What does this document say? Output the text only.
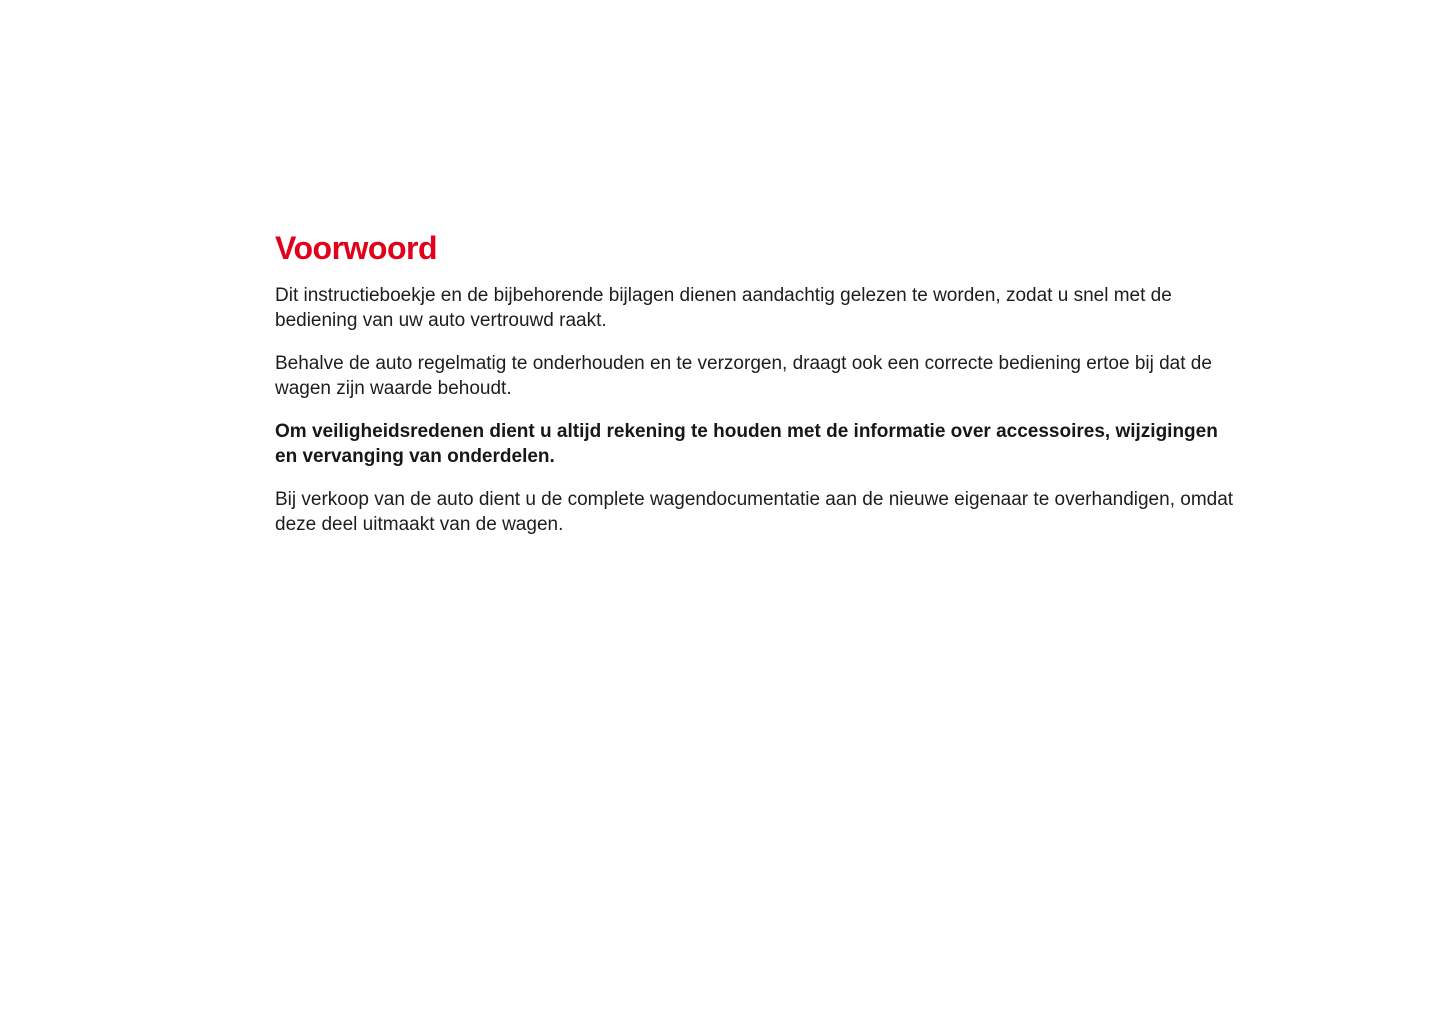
Voorwoord

Dit instructieboekje en de bijbehorende bijlagen dienen aandachtig gelezen te worden, zodat u snel met de bediening van uw auto vertrouwd raakt.

Behalve de auto regelmatig te onderhouden en te verzorgen, draagt ook een correcte bediening ertoe bij dat de wagen zijn waarde behoudt.

Om veiligheidsredenen dient u altijd rekening te houden met de informatie over accessoires, wijzigingen en vervanging van onderdelen.

Bij verkoop van de auto dient u de complete wagendocumentatie aan de nieuwe eigenaar te overhandigen, omdat deze deel uitmaakt van de wagen.
